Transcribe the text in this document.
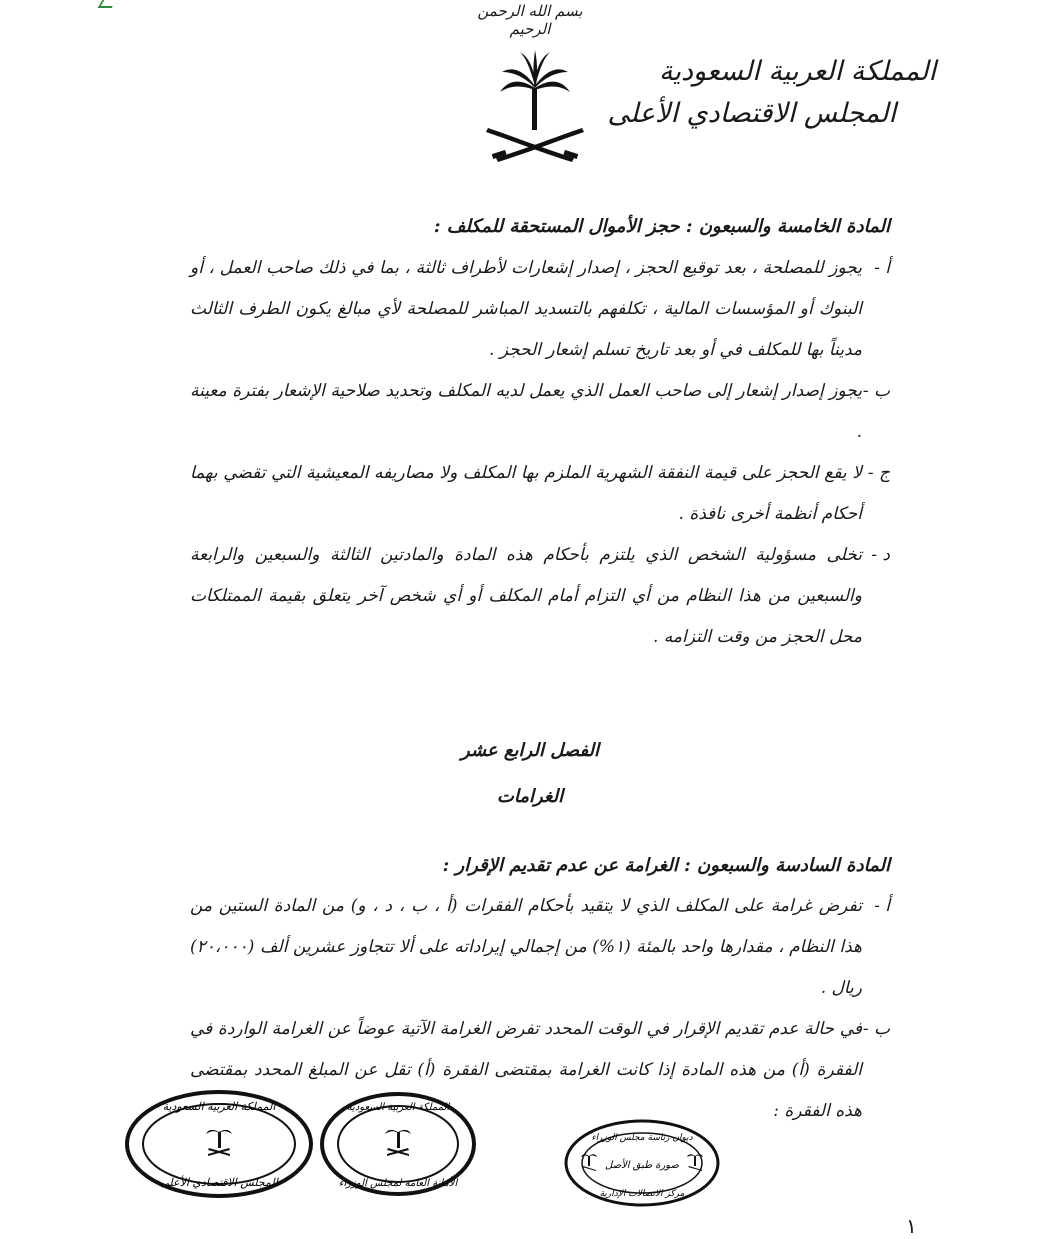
بسم الله الرحمن الرحيم
المملكة العربية السعودية
المجلس الاقتصادي الأعلى
المادة الخامسة والسبعون : حجز الأموال المستحقة للمكلف :
أ -
يجوز للمصلحة ، بعد توقيع الحجز ، إصدار إشعارات لأطراف ثالثة ، بما في ذلك صاحب العمل ، أو البنوك أو المؤسسات المالية ، تكلفهم بالتسديد المباشر للمصلحة لأي مبالغ يكون الطرف الثالث مديناً بها للمكلف في أو بعد تاريخ تسلم إشعار الحجز .
ب -
يجوز إصدار إشعار إلى صاحب العمل الذي يعمل لديه المكلف وتحديد صلاحية الإشعار بفترة معينة .
ج -
لا يقع الحجز على قيمة النفقة الشهرية الملزم بها المكلف ولا مصاريفه المعيشية التي تقضي بهما أحكام أنظمة أخرى نافذة .
د -
تخلى مسؤولية الشخص الذي يلتزم بأحكام هذه المادة والمادتين الثالثة والسبعين والرابعة والسبعين من هذا النظام من أي التزام أمام المكلف أو أي شخص آخر يتعلق بقيمة الممتلكات محل الحجز من وقت التزامه .
الفصل الرابع عشر
الغرامات
المادة السادسة والسبعون : الغرامة عن عدم تقديم الإقرار :
أ -
تفرض غرامة على المكلف الذي لا يتقيد بأحكام الفقرات (أ ، ب ، د ، و) من المادة الستين من هذا النظام ، مقدارها واحد بالمئة (١%) من إجمالي إيراداته على ألا تتجاوز عشرين ألف (٢٠،٠٠٠) ريال .
ب -
في حالة عدم تقديم الإقرار في الوقت المحدد تفرض الغرامة الآتية عوضاً عن الغرامة الواردة في الفقرة (أ) من هذه المادة إذا كانت الغرامة بمقتضى الفقرة (أ) تقل عن المبلغ المحدد بمقتضى هذه الفقرة :
المملكة العربية السعودية
المجلس الاقتصادي الأعلى
المملكة العربية السعودية
الأمانة العامة لمجلس الوزراء
ديوان رئاسة مجلس الوزراء
صورة طبق الأصل
مركز الاتصالات الإدارية
١
